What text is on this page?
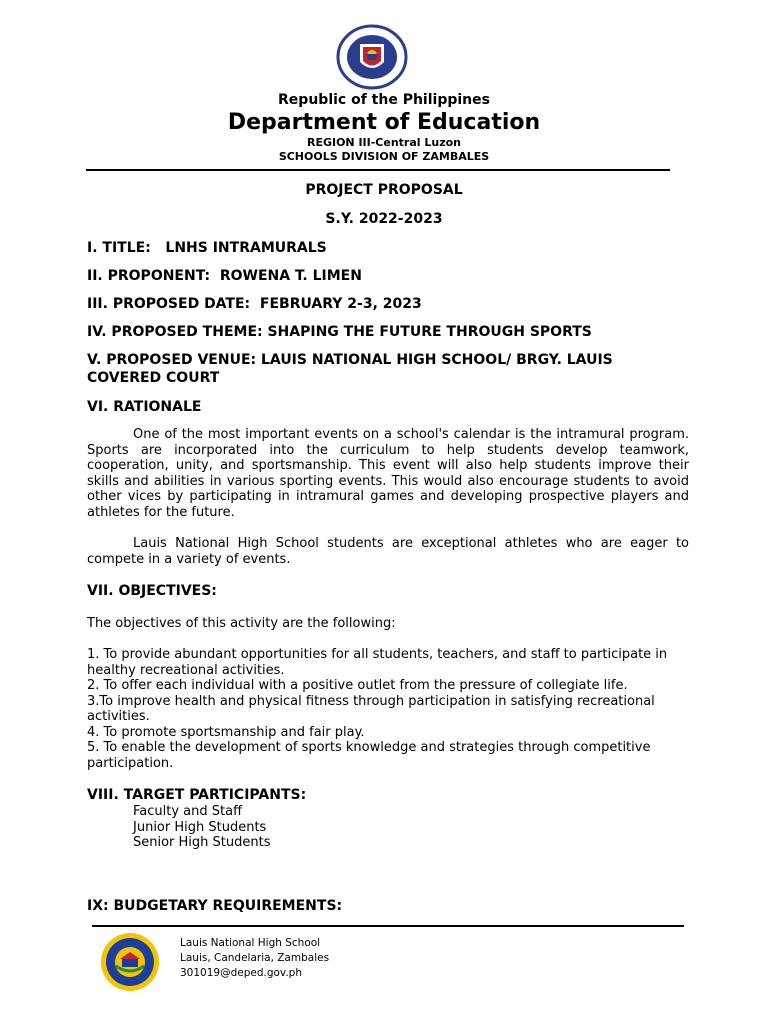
Republic of the Philippines
Department of Education
REGION III-Central Luzon
SCHOOLS DIVISION OF ZAMBALES
PROJECT PROPOSAL
S.Y. 2022-2023
I. TITLE:   LNHS INTRAMURALS
II. PROPONENT:  ROWENA T. LIMEN
III. PROPOSED DATE:  FEBRUARY 2-3, 2023
IV. PROPOSED THEME: SHAPING THE FUTURE THROUGH SPORTS
V. PROPOSED VENUE: LAUIS NATIONAL HIGH SCHOOL/ BRGY. LAUIS COVERED COURT
VI. RATIONALE

One of the most important events on a school's calendar is the intramural program. Sports are incorporated into the curriculum to help students develop teamwork, cooperation, unity, and sportsmanship. This event will also help students improve their skills and abilities in various sporting events. This would also encourage students to avoid other vices by participating in intramural games and developing prospective players and athletes for the future.

Lauis National High School students are exceptional athletes who are eager to compete in a variety of events.

VII. OBJECTIVES:

The objectives of this activity are the following:

1. To provide abundant opportunities for all students, teachers, and staff to participate in healthy recreational activities.
2. To offer each individual with a positive outlet from the pressure of collegiate life.
3.To improve health and physical fitness through participation in satisfying recreational activities.
4. To promote sportsmanship and fair play.
5. To enable the development of sports knowledge and strategies through competitive participation.
VIII. TARGET PARTICIPANTS:
Faculty and Staff
Junior High Students
Senior High Students
IX: BUDGETARY REQUIREMENTS:
Lauis National High School
Lauis, Candelaria, Zambales
301019@deped.gov.ph
